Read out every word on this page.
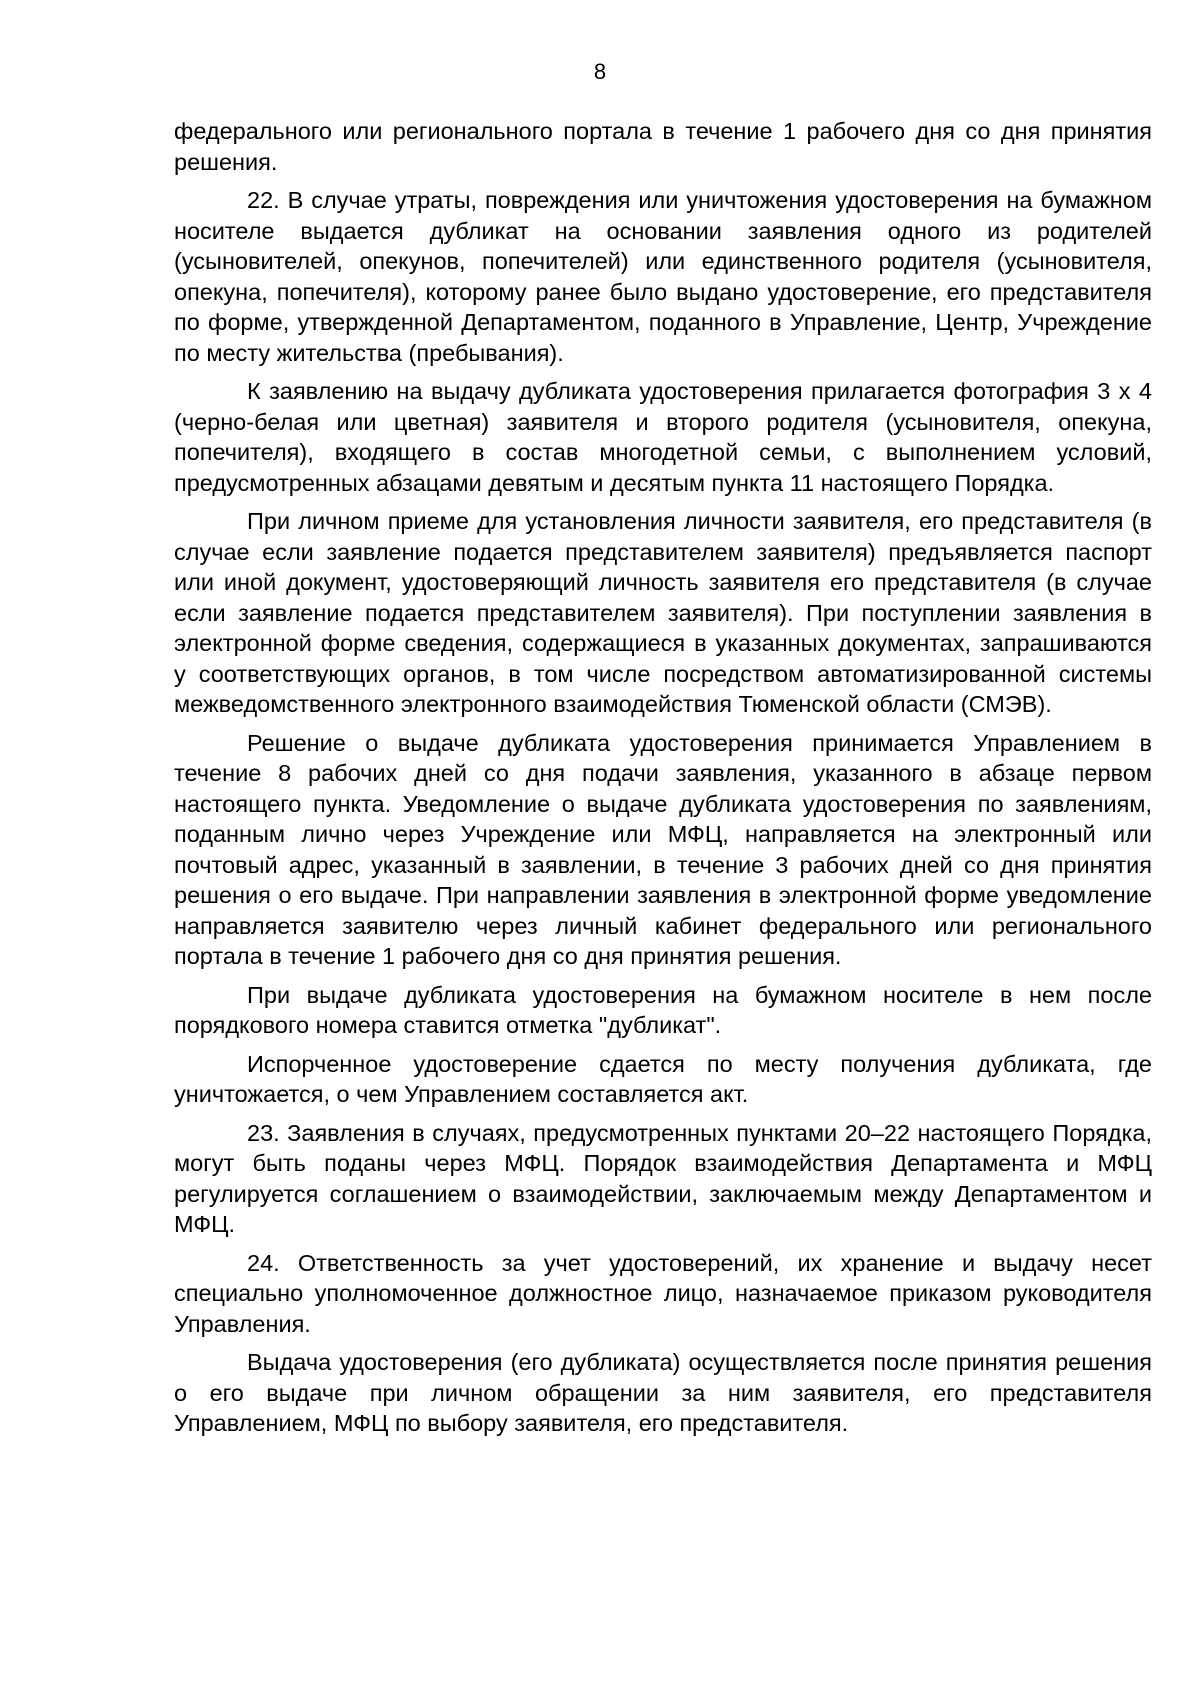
8

федерального или регионального портала в течение 1 рабочего дня со дня принятия решения.

22. В случае утраты, повреждения или уничтожения удостоверения на бумажном носителе выдается дубликат на основании заявления одного из родителей (усыновителей, опекунов, попечителей) или единственного родителя (усыновителя, опекуна, попечителя), которому ранее было выдано удостоверение, его представителя по форме, утвержденной Департаментом, поданного в Управление, Центр, Учреждение по месту жительства (пребывания).

К заявлению на выдачу дубликата удостоверения прилагается фотография 3 x 4 (черно-белая или цветная) заявителя и второго родителя (усыновителя, опекуна, попечителя), входящего в состав многодетной семьи, с выполнением условий, предусмотренных абзацами девятым и десятым пункта 11 настоящего Порядка.

При личном приеме для установления личности заявителя, его представителя (в случае если заявление подается представителем заявителя) предъявляется паспорт или иной документ, удостоверяющий личность заявителя его представителя (в случае если заявление подается представителем заявителя). При поступлении заявления в электронной форме сведения, содержащиеся в указанных документах, запрашиваются у соответствующих органов, в том числе посредством автоматизированной системы межведомственного электронного взаимодействия Тюменской области (СМЭВ).

Решение о выдаче дубликата удостоверения принимается Управлением в течение 8 рабочих дней со дня подачи заявления, указанного в абзаце первом настоящего пункта. Уведомление о выдаче дубликата удостоверения по заявлениям, поданным лично через Учреждение или МФЦ, направляется на электронный или почтовый адрес, указанный в заявлении, в течение 3 рабочих дней со дня принятия решения о его выдаче. При направлении заявления в электронной форме уведомление направляется заявителю через личный кабинет федерального или регионального портала в течение 1 рабочего дня со дня принятия решения.

При выдаче дубликата удостоверения на бумажном носителе в нем после порядкового номера ставится отметка "дубликат".

Испорченное удостоверение сдается по месту получения дубликата, где уничтожается, о чем Управлением составляется акт.

23. Заявления в случаях, предусмотренных пунктами 20–22 настоящего Порядка, могут быть поданы через МФЦ. Порядок взаимодействия Департамента и МФЦ регулируется соглашением о взаимодействии, заключаемым между Департаментом и МФЦ.

24. Ответственность за учет удостоверений, их хранение и выдачу несет специально уполномоченное должностное лицо, назначаемое приказом руководителя Управления.

Выдача удостоверения (его дубликата) осуществляется после принятия решения о его выдаче при личном обращении за ним заявителя, его представителя Управлением, МФЦ по выбору заявителя, его представителя.
